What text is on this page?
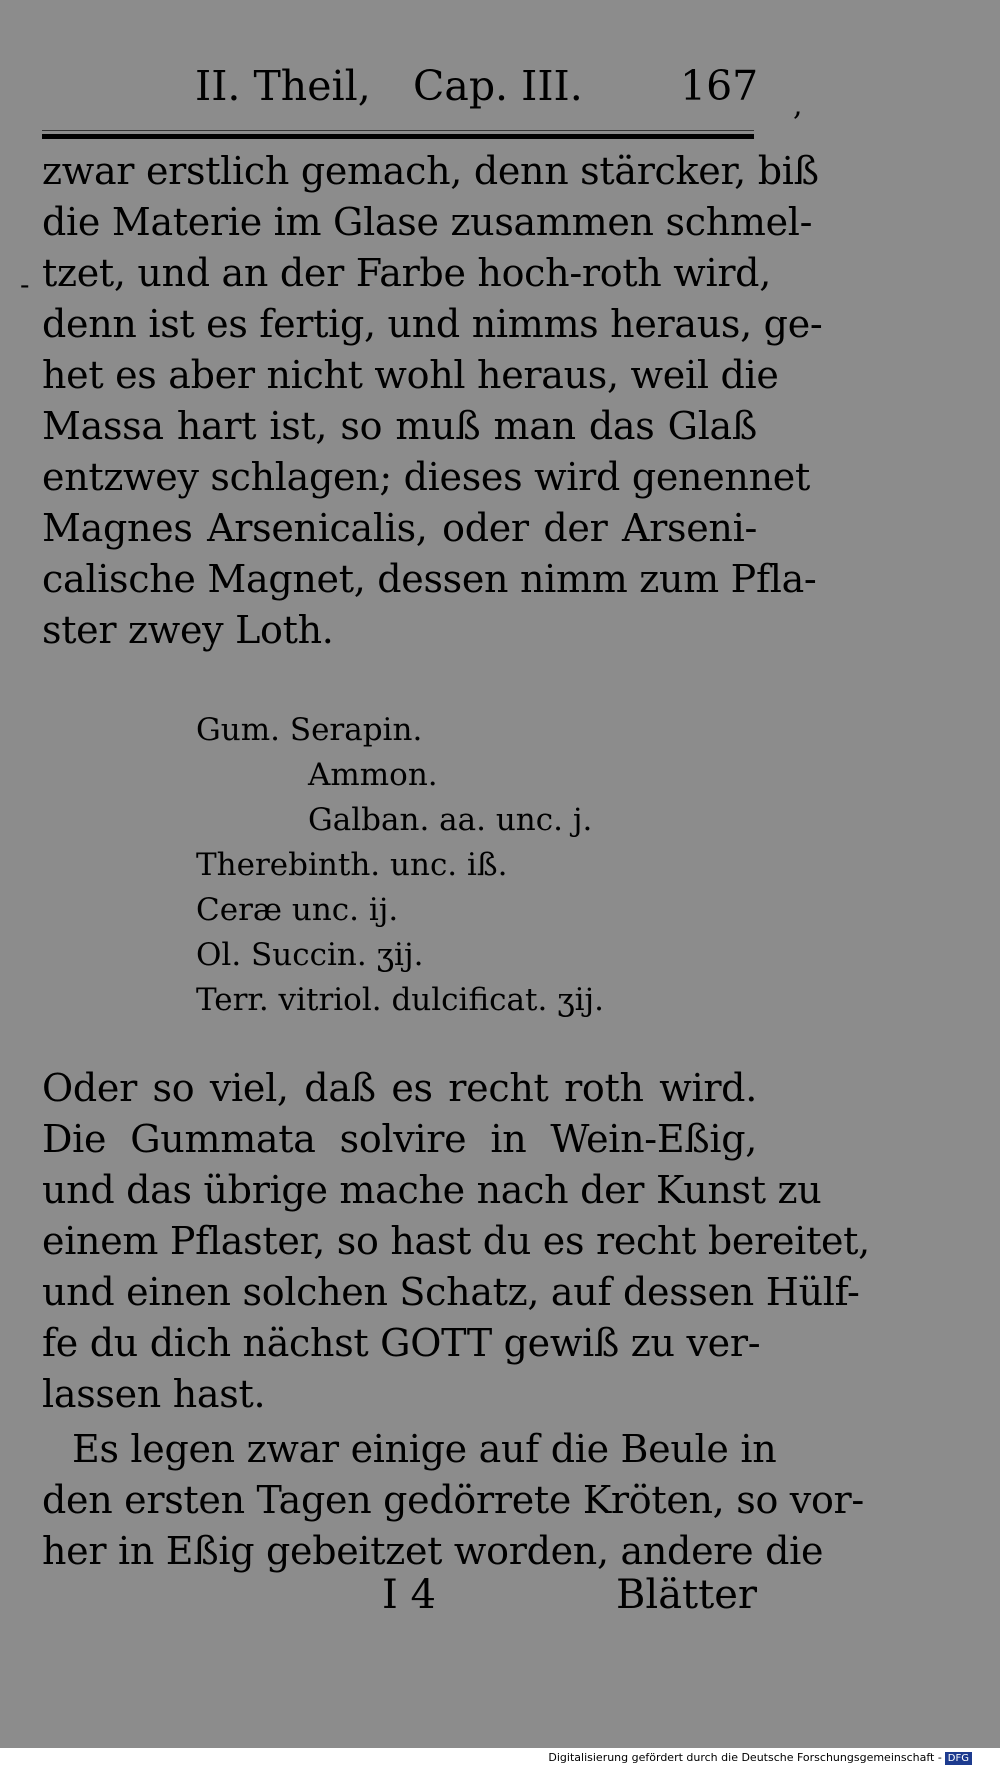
II. Theil, Cap. III. 167 ,
-
zwar erstlich gemach, denn stärcker, biß
die Materie im Glase zusammen schmel-
tzet, und an der Farbe hoch-roth wird,
denn ist es fertig, und nimms heraus, ge-
het es aber nicht wohl heraus, weil die
Massa hart ist, so muß man das Glaß
entzwey schlagen; dieses wird genennet
Magnes Arsenicalis, oder der Arseni-
calische Magnet, dessen nimm zum Pfla-
ster zwey Loth.
Gum. Serapin.
Ammon.
Galban. aa. unc. j.
Therebinth. unc. iß.
Ceræ unc. ij.
Ol. Succin. ʒij.
Terr. vitriol. dulcificat. ʒij.
Oder so viel, daß es recht roth wird.
Die Gummata solvire in Wein-Eßig,
und das übrige mache nach der Kunst zu
einem Pflaster, so hast du es recht bereitet,
und einen solchen Schatz, auf dessen Hülf-
fe du dich nächst GOTT gewiß zu ver-
lassen hast.
Es legen zwar einige auf die Beule in
den ersten Tagen gedörrete Kröten, so vor-
her in Eßig gebeitzet worden, andere die
I 4	Blätter
Digitalisierung gefördert durch die Deutsche Forschungsgemeinschaft - DFG
